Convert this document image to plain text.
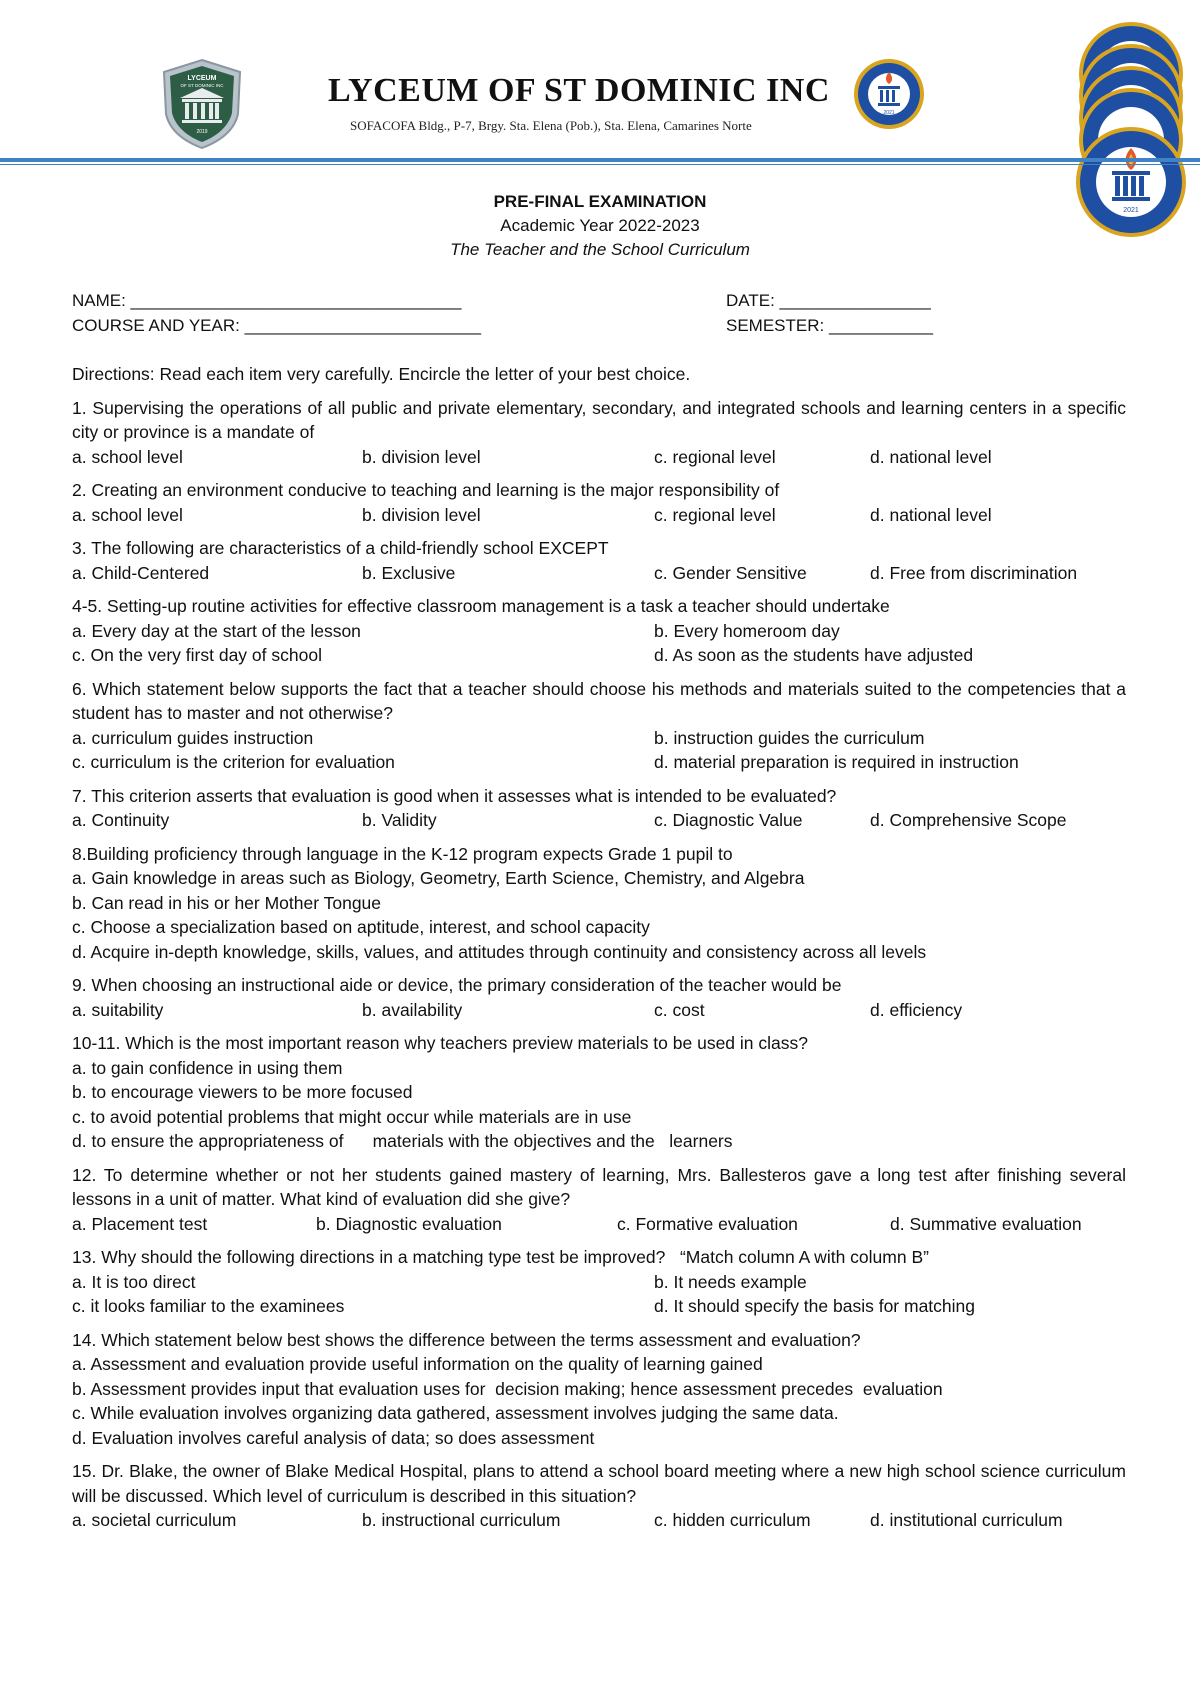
LYCEUM
OF ST DOMINIC INC
2019
LYCEUM OF ST DOMINIC INC
SOFACOFA Bldg., P-7, Brgy. Sta. Elena (Pob.), Sta. Elena, Camarines Norte
2021
2021
PRE-FINAL EXAMINATION
Academic Year 2022-2023
The Teacher and the School Curriculum
NAME: ___________________________________	DATE: ________________
COURSE AND YEAR: _________________________	SEMESTER: ___________
Directions: Read each item very carefully. Encircle the letter of your best choice.
1. Supervising the operations of all public and private elementary, secondary, and integrated schools and learning centers in a specific city or province is a mandate of
a. school level	b. division level	c. regional level	d. national level
2. Creating an environment conducive to teaching and learning is the major responsibility of
a. school level	b. division level	c. regional level	d. national level
3. The following are characteristics of a child-friendly school EXCEPT
a. Child-Centered	b. Exclusive	c. Gender Sensitive	d. Free from discrimination
4-5. Setting-up routine activities for effective classroom management is a task a teacher should undertake
a. Every day at the start of the lesson	b. Every homeroom day
c. On the very first day of school	d. As soon as the students have adjusted
6. Which statement below supports the fact that a teacher should choose his methods and materials suited to the competencies that a student has to master and not otherwise?
a. curriculum guides instruction	b. instruction guides the curriculum
c. curriculum is the criterion for evaluation	d. material preparation is required in instruction
7. This criterion asserts that evaluation is good when it assesses what is intended to be evaluated?
a. Continuity	b. Validity	c. Diagnostic Value	d. Comprehensive Scope
8.Building proficiency through language in the K-12 program expects Grade 1 pupil to
a. Gain knowledge in areas such as Biology, Geometry, Earth Science, Chemistry, and Algebra
b. Can read in his or her Mother Tongue
c. Choose a specialization based on aptitude, interest, and school capacity
d. Acquire in-depth knowledge, skills, values, and attitudes through continuity and consistency across all levels
9. When choosing an instructional aide or device, the primary consideration of the teacher would be
a. suitability	b. availability	c. cost	d. efficiency
10-11. Which is the most important reason why teachers preview materials to be used in class?
a. to gain confidence in using them
b. to encourage viewers to be more focused
c. to avoid potential problems that might occur while materials are in use
d. to ensure the appropriateness of      materials with the objectives and the   learners
12. To determine whether or not her students gained mastery of learning, Mrs. Ballesteros gave a long test after finishing several lessons in a unit of matter. What kind of evaluation did she give?
a. Placement test	b. Diagnostic evaluation	c. Formative evaluation	d. Summative evaluation
13. Why should the following directions in a matching type test be improved?   “Match column A with column B”
a. It is too direct	b. It needs example
c. it looks familiar to the examinees	d. It should specify the basis for matching
14. Which statement below best shows the difference between the terms assessment and evaluation?
a. Assessment and evaluation provide useful information on the quality of learning gained
b. Assessment provides input that evaluation uses for  decision making; hence assessment precedes  evaluation
c. While evaluation involves organizing data gathered, assessment involves judging the same data.
d. Evaluation involves careful analysis of data; so does assessment
15. Dr. Blake, the owner of Blake Medical Hospital, plans to attend a school board meeting where a new high school science curriculum will be discussed. Which level of curriculum is described in this situation?
a. societal curriculum	b. instructional curriculum	c. hidden curriculum	d. institutional curriculum
